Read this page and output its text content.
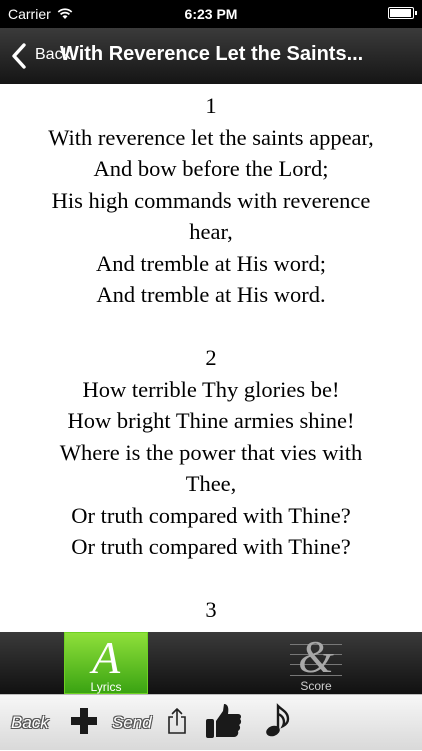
Carrier	6:23 PM
Back
With Reverence Let the Saints...
1
With reverence let the saints appear,
And bow before the Lord;
His high commands with reverence
hear,
And tremble at His word;
And tremble at His word.
2
How terrible Thy glories be!
How bright Thine armies shine!
Where is the power that vies with
Thee,
Or truth compared with Thine?
Or truth compared with Thine?
3
A
Lyrics
&
Score
Back	Send
